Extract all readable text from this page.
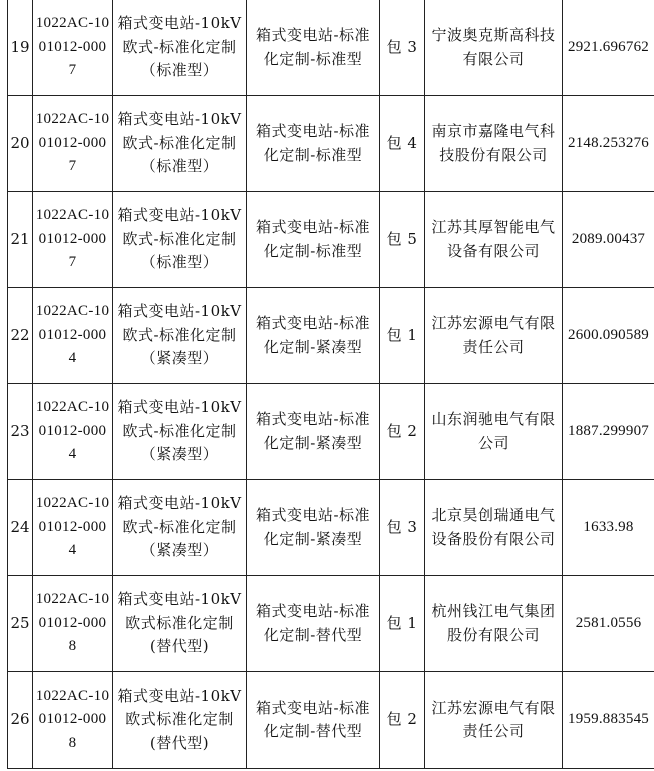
19	1022AC-1001012-0007	箱式变电站-10kV 欧式-标准化定制（标准型）	箱式变电站-标准化定制-标准型	包 3	宁波奥克斯高科技有限公司	2921.696762
20	1022AC-1001012-0007	箱式变电站-10kV 欧式-标准化定制（标准型）	箱式变电站-标准化定制-标准型	包 4	南京市嘉隆电气科技股份有限公司	2148.253276
21	1022AC-1001012-0007	箱式变电站-10kV 欧式-标准化定制（标准型）	箱式变电站-标准化定制-标准型	包 5	江苏其厚智能电气设备有限公司	2089.00437
22	1022AC-1001012-0004	箱式变电站-10kV 欧式-标准化定制（紧凑型）	箱式变电站-标准化定制-紧凑型	包 1	江苏宏源电气有限责任公司	2600.090589
23	1022AC-1001012-0004	箱式变电站-10kV 欧式-标准化定制（紧凑型）	箱式变电站-标准化定制-紧凑型	包 2	山东润驰电气有限公司	1887.299907
24	1022AC-1001012-0004	箱式变电站-10kV 欧式-标准化定制（紧凑型）	箱式变电站-标准化定制-紧凑型	包 3	北京昊创瑞通电气设备股份有限公司	1633.98
25	1022AC-1001012-0008	箱式变电站-10kV 欧式标准化定制(替代型)	箱式变电站-标准化定制-替代型	包 1	杭州钱江电气集团股份有限公司	2581.0556
26	1022AC-1001012-0008	箱式变电站-10kV 欧式标准化定制(替代型)	箱式变电站-标准化定制-替代型	包 2	江苏宏源电气有限责任公司	1959.883545
